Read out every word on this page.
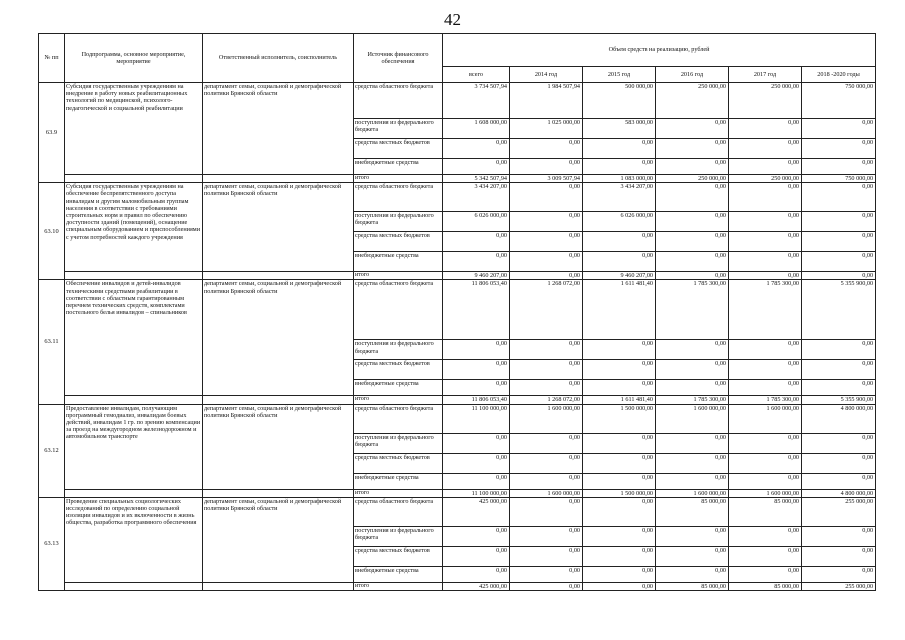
42
№ пп	Подпрограмма, основное мероприятие, мероприятие	Ответственный исполнитель, соисполнитель	Источник финансового обеспечения	Объем средств на реализацию, рублей					
				всего	2014 год	2015 год	2016 год	2017 год	2018 -2020 годы
63.9	Субсидия государственным учреждениям на внедрение в работу новых реабилитационных технологий по медицинской, психолого-педагогической и социальной реабилитации	департамент семьи, социальной и демографической политики Брянской области	средства областного бюджета	3 734 507,94	1 984 507,94	500 000,00	250 000,00	250 000,00	750 000,00
			поступления из федерального бюджета	1 608 000,00	1 025 000,00	583 000,00	0,00	0,00	0,00
			средства местных бюджетов	0,00	0,00	0,00	0,00	0,00	0,00
			внебюджетные средства	0,00	0,00	0,00	0,00	0,00	0,00
			итого	5 342 507,94	3 009 507,94	1 083 000,00	250 000,00	250 000,00	750 000,00
63.10	Субсидия государственным учреждениям на обеспечение беспрепятственного доступа инвалидам и другим маломобильным группам населения в соответствии с требованиями строительных норм и правил по обеспечению доступности зданий (помещений), оснащение специальным оборудованием и приспособлениями с учетом потребностей каждого учреждения	департамент семьи, социальной и демографической политики Брянской области	средства областного бюджета	3 434 207,00	0,00	3 434 207,00	0,00	0,00	0,00
			поступления из федерального бюджета	6 026 000,00	0,00	6 026 000,00	0,00	0,00	0,00
			средства местных бюджетов	0,00	0,00	0,00	0,00	0,00	0,00
			внебюджетные средства	0,00	0,00	0,00	0,00	0,00	0,00
			итого	9 460 207,00	0,00	9 460 207,00	0,00	0,00	0,00
63.11	Обеспечение инвалидов и детей-инвалидов техническими средствами реабилитации в соответствии с областным гарантированным перечнем технических средств, комплектами постельного белья инвалидов – спинальников	департамент семьи, социальной и демографической политики Брянской области	средства областного бюджета	11 806 053,40	1 268 072,00	1 611 481,40	1 785 300,00	1 785 300,00	5 355 900,00
			поступления из федерального бюджета	0,00	0,00	0,00	0,00	0,00	0,00
			средства местных бюджетов	0,00	0,00	0,00	0,00	0,00	0,00
			внебюджетные средства	0,00	0,00	0,00	0,00	0,00	0,00
			итого	11 806 053,40	1 268 072,00	1 611 481,40	1 785 300,00	1 785 300,00	5 355 900,00
63.12	Предоставление инвалидам, получающим программный гемодиализ, инвалидам боевых действий, инвалидам 1 гр. по зрению компенсации за проезд на междугородном железнодорожном и автомобильном транспорте	департамент семьи, социальной и демографической политики Брянской области	средства областного бюджета	11 100 000,00	1 600 000,00	1 500 000,00	1 600 000,00	1 600 000,00	4 800 000,00
			поступления из федерального бюджета	0,00	0,00	0,00	0,00	0,00	0,00
			средства местных бюджетов	0,00	0,00	0,00	0,00	0,00	0,00
			внебюджетные средства	0,00	0,00	0,00	0,00	0,00	0,00
			итого	11 100 000,00	1 600 000,00	1 500 000,00	1 600 000,00	1 600 000,00	4 800 000,00
63.13	Проведение специальных социологических исследований по определению социальной изоляции инвалидов и их включенности в жизнь общества, разработка программного обеспечения	департамент семьи, социальной и демографической политики Брянской области	средства областного бюджета	425 000,00	0,00	0,00	85 000,00	85 000,00	255 000,00
			поступления из федерального бюджета	0,00	0,00	0,00	0,00	0,00	0,00
			средства местных бюджетов	0,00	0,00	0,00	0,00	0,00	0,00
			внебюджетные средства	0,00	0,00	0,00	0,00	0,00	0,00
			итого	425 000,00	0,00	0,00	85 000,00	85 000,00	255 000,00
